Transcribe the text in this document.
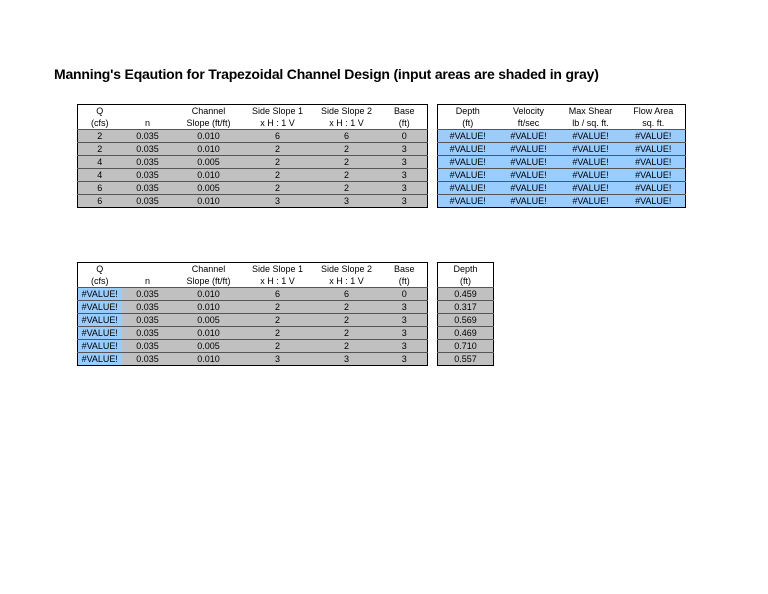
Manning's Eqaution for Trapezoidal Channel Design (input areas are shaded in gray)
Q		Channel	Side Slope 1	Side Slope 2	Base
(cfs)	n	Slope (ft/ft)	x H : 1 V	x H : 1 V	(ft)
2	0.035	0.010	6	6	0
2	0.035	0.010	2	2	3
4	0.035	0.005	2	2	3
4	0.035	0.010	2	2	3
6	0.035	0.005	2	2	3
6	0.035	0.010	3	3	3
Depth	Velocity	Max Shear	Flow Area
(ft)	ft/sec	lb / sq. ft.	sq. ft.
#VALUE!	#VALUE!	#VALUE!	#VALUE!
#VALUE!	#VALUE!	#VALUE!	#VALUE!
#VALUE!	#VALUE!	#VALUE!	#VALUE!
#VALUE!	#VALUE!	#VALUE!	#VALUE!
#VALUE!	#VALUE!	#VALUE!	#VALUE!
#VALUE!	#VALUE!	#VALUE!	#VALUE!
Q		Channel	Side Slope 1	Side Slope 2	Base
(cfs)	n	Slope (ft/ft)	x H : 1 V	x H : 1 V	(ft)
#VALUE!	0.035	0.010	6	6	0
#VALUE!	0.035	0.010	2	2	3
#VALUE!	0.035	0.005	2	2	3
#VALUE!	0.035	0.010	2	2	3
#VALUE!	0.035	0.005	2	2	3
#VALUE!	0.035	0.010	3	3	3
Depth
(ft)
0.459
0.317
0.569
0.469
0.710
0.557
